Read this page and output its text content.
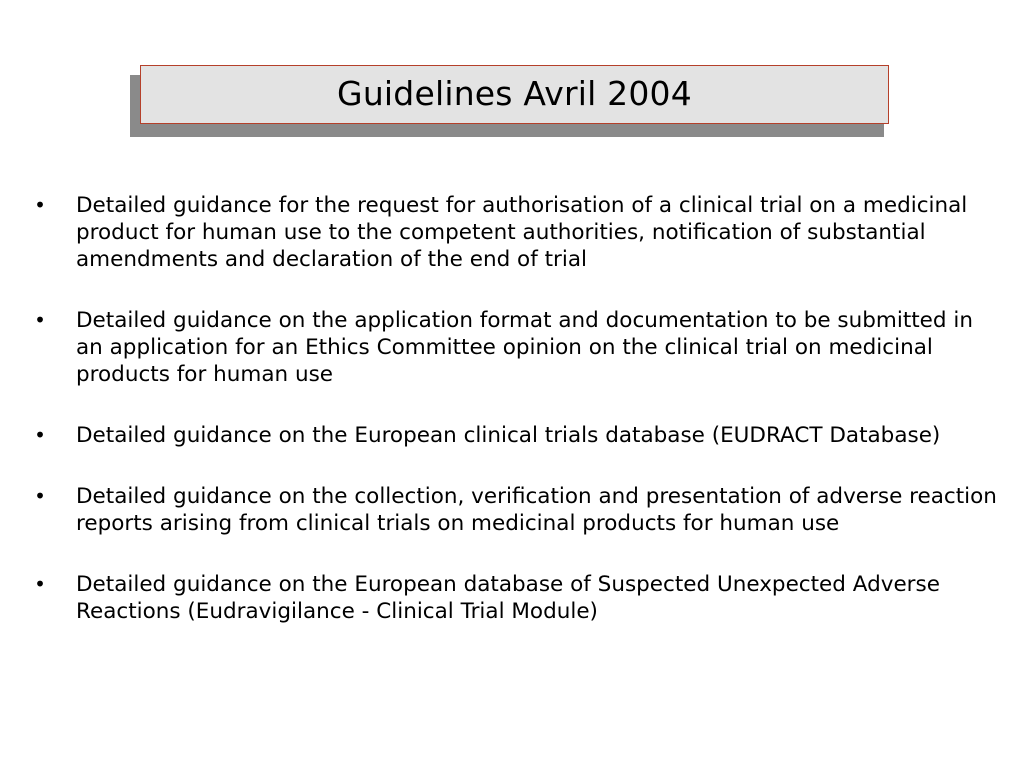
Guidelines Avril 2004
• Detailed guidance for the request for authorisation of a clinical trial on a medicinal product for human use to the competent authorities, notification of substantial amendments and declaration of the end of trial
• Detailed guidance on the application format and documentation to be submitted in an application for an Ethics Committee opinion on the clinical trial on medicinal products for human use
• Detailed guidance on the European clinical trials database (EUDRACT Database)
• Detailed guidance on the collection, verification and presentation of adverse reaction reports arising from clinical trials on medicinal products for human use
• Detailed guidance on the European database of Suspected Unexpected Adverse Reactions (Eudravigilance - Clinical Trial Module)
